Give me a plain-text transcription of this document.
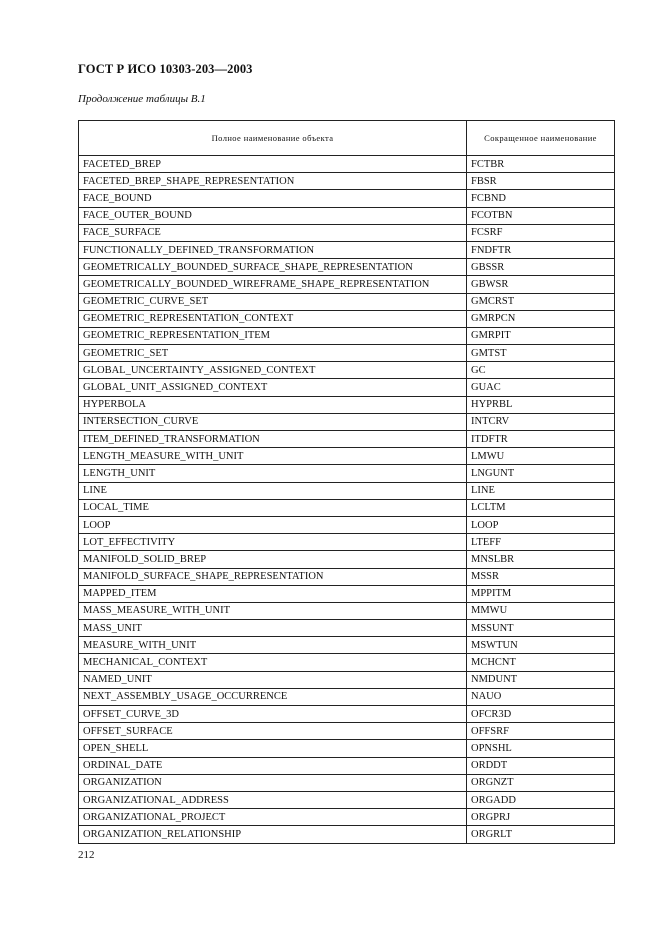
ГОСТ Р ИСО 10303-203—2003
Продолжение таблицы В.1
Полное наименование объекта	Сокращенное наименование
FACETED_BREP	FCTBR
FACETED_BREP_SHAPE_REPRESENTATION	FBSR
FACE_BOUND	FCBND
FACE_OUTER_BOUND	FCOTBN
FACE_SURFACE	FCSRF
FUNCTIONALLY_DEFINED_TRANSFORMATION	FNDFTR
GEOMETRICALLY_BOUNDED_SURFACE_SHAPE_REPRESENTATION	GBSSR
GEOMETRICALLY_BOUNDED_WIREFRAME_SHAPE_REPRESENTATION	GBWSR
GEOMETRIC_CURVE_SET	GMCRST
GEOMETRIC_REPRESENTATION_CONTEXT	GMRPCN
GEOMETRIC_REPRESENTATION_ITEM	GMRPIT
GEOMETRIC_SET	GMTST
GLOBAL_UNCERTAINTY_ASSIGNED_CONTEXT	GC
GLOBAL_UNIT_ASSIGNED_CONTEXT	GUAC
HYPERBOLA	HYPRBL
INTERSECTION_CURVE	INTCRV
ITEM_DEFINED_TRANSFORMATION	ITDFTR
LENGTH_MEASURE_WITH_UNIT	LMWU
LENGTH_UNIT	LNGUNT
LINE	LINE
LOCAL_TIME	LCLTM
LOOP	LOOP
LOT_EFFECTIVITY	LTEFF
MANIFOLD_SOLID_BREP	MNSLBR
MANIFOLD_SURFACE_SHAPE_REPRESENTATION	MSSR
MAPPED_ITEM	MPPITM
MASS_MEASURE_WITH_UNIT	MMWU
MASS_UNIT	MSSUNT
MEASURE_WITH_UNIT	MSWTUN
MECHANICAL_CONTEXT	MCHCNT
NAMED_UNIT	NMDUNT
NEXT_ASSEMBLY_USAGE_OCCURRENCE	NAUO
OFFSET_CURVE_3D	OFCR3D
OFFSET_SURFACE	OFFSRF
OPEN_SHELL	OPNSHL
ORDINAL_DATE	ORDDT
ORGANIZATION	ORGNZT
ORGANIZATIONAL_ADDRESS	ORGADD
ORGANIZATIONAL_PROJECT	ORGPRJ
ORGANIZATION_RELATIONSHIP	ORGRLT
212
